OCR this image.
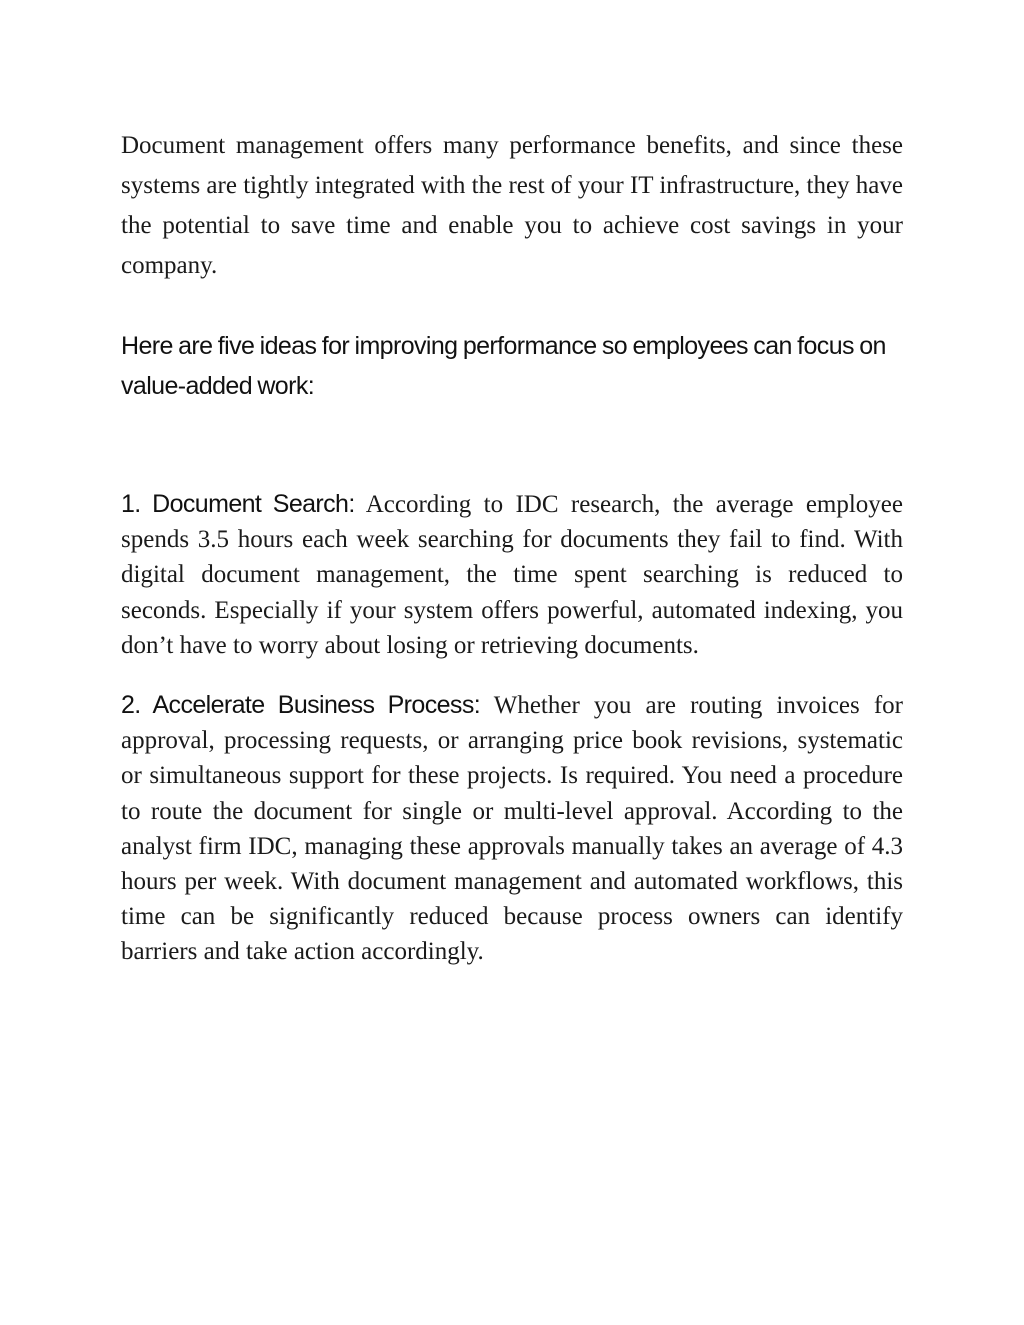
Document management offers many performance benefits, and since these systems are tightly integrated with the rest of your IT infrastructure, they have the potential to save time and enable you to achieve cost savings in your company.

Here are five ideas for improving performance so employees can focus on value-added work:

1. Document Search: According to IDC research, the average employee spends 3.5 hours each week searching for documents they fail to find. With digital document management, the time spent searching is reduced to seconds. Especially if your system offers powerful, automated indexing, you don’t have to worry about losing or retrieving documents.

2. Accelerate Business Process: Whether you are routing invoices for approval, processing requests, or arranging price book revisions, systematic or simultaneous support for these projects. Is required. You need a procedure to route the document for single or multi-level approval. According to the analyst firm IDC, managing these approvals manually takes an average of 4.3 hours per week. With document management and automated workflows, this time can be significantly reduced because process owners can identify barriers and take action accordingly.
